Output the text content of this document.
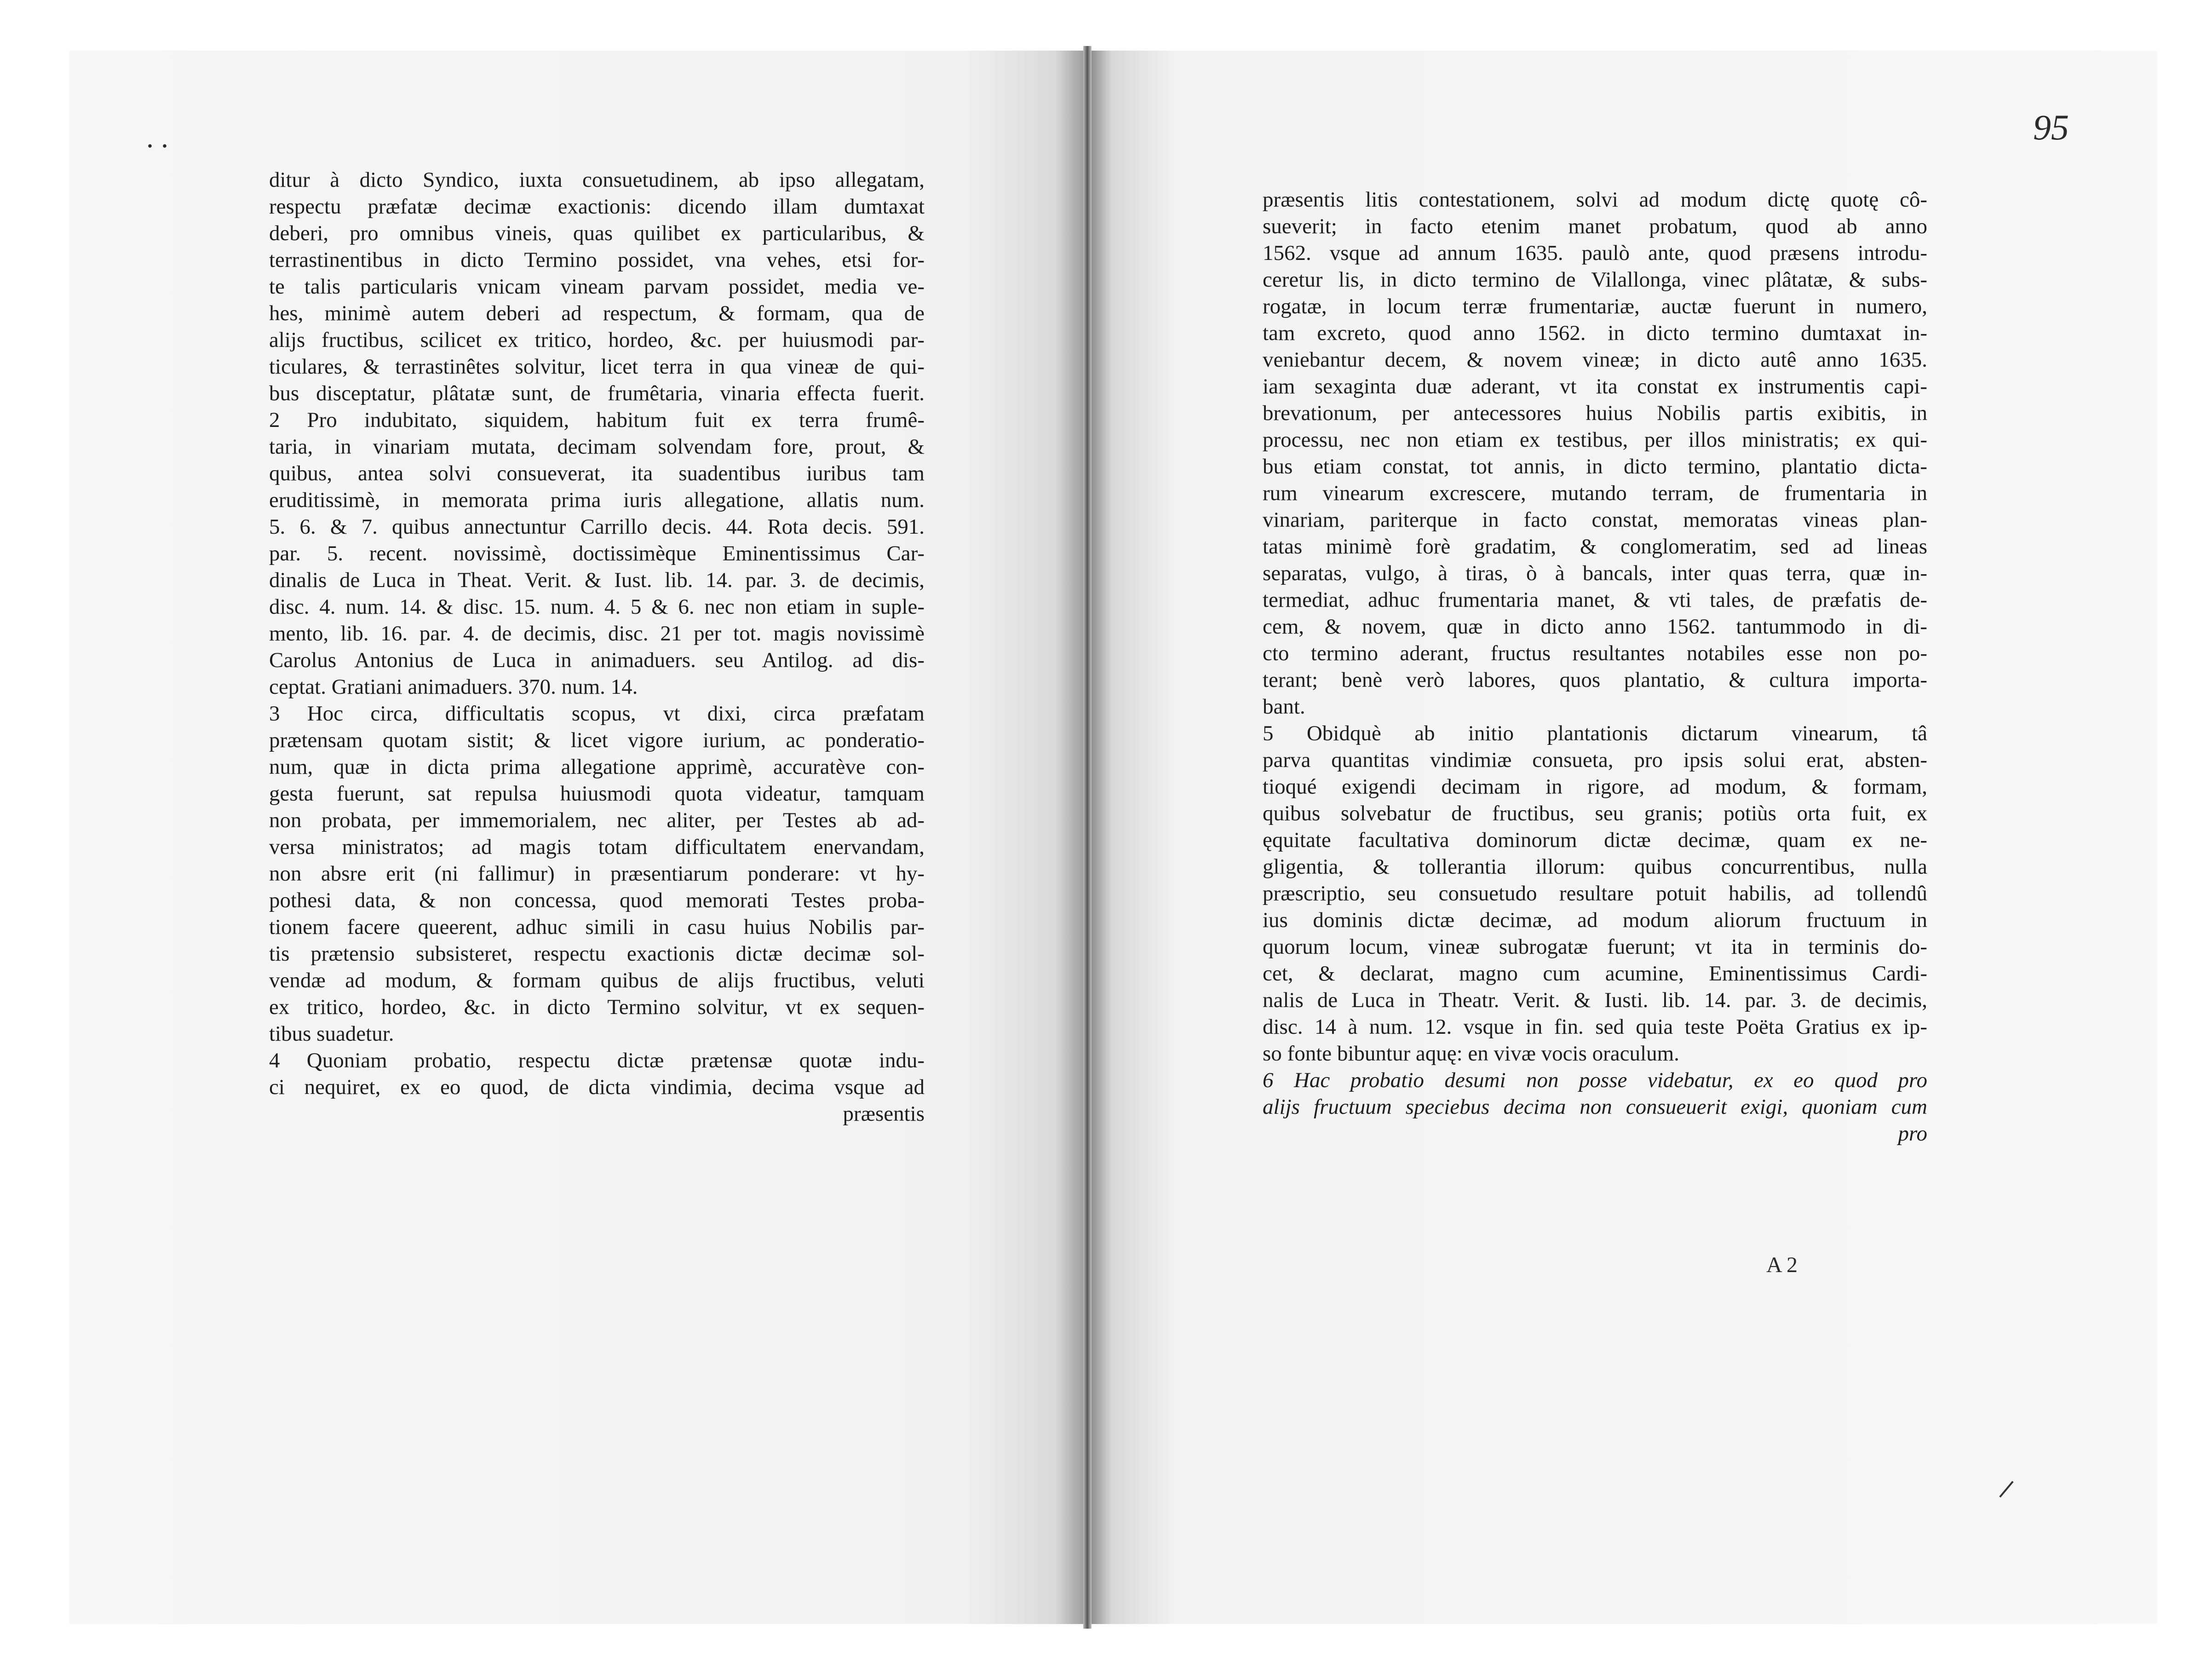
. .	95
A 2
ditur à dicto Syndico, iuxta consuetudinem, ab ipso allegatam,
respectu præfatæ decimæ exactionis: dicendo illam dumtaxat
deberi, pro omnibus vineis, quas quilibet ex particularibus, &
terrastinentibus in dicto Termino possidet, vna vehes, etsi for-
te talis particularis vnicam vineam parvam possidet, media ve-
hes, minimè autem deberi ad respectum, & formam, qua de
alijs fructibus, scilicet ex tritico, hordeo, &c. per huiusmodi par-
ticulares, & terrastinêtes solvitur, licet terra in qua vineæ de qui-
bus disceptatur, plâtatæ sunt, de frumêtaria, vinaria effecta fuerit.
2 Pro indubitato, siquidem, habitum fuit ex terra frumê-
taria, in vinariam mutata, decimam solvendam fore, prout, &
quibus, antea solvi consueverat, ita suadentibus iuribus tam
eruditissimè, in memorata prima iuris allegatione, allatis num.
5. 6. & 7. quibus annectuntur Carrillo decis. 44. Rota decis. 591.
par. 5. recent. novissimè, doctissimèque Eminentissimus Car-
dinalis de Luca in Theat. Verit. & Iust. lib. 14. par. 3. de decimis,
disc. 4. num. 14. & disc. 15. num. 4. 5 & 6. nec non etiam in suple-
mento, lib. 16. par. 4. de decimis, disc. 21 per tot. magis novissimè
Carolus Antonius de Luca in animaduers. seu Antilog. ad dis-
ceptat. Gratiani animaduers. 370. num. 14.
3 Hoc circa, difficultatis scopus, vt dixi, circa præfatam
prætensam quotam sistit; & licet vigore iurium, ac ponderatio-
num, quæ in dicta prima allegatione apprimè, accuratève con-
gesta fuerunt, sat repulsa huiusmodi quota videatur, tamquam
non probata, per immemorialem, nec aliter, per Testes ab ad-
versa ministratos; ad magis totam difficultatem enervandam,
non absre erit (ni fallimur) in præsentiarum ponderare: vt hy-
pothesi data, & non concessa, quod memorati Testes proba-
tionem facere queerent, adhuc simili in casu huius Nobilis par-
tis prætensio subsisteret, respectu exactionis dictæ decimæ sol-
vendæ ad modum, & formam quibus de alijs fructibus, veluti
ex tritico, hordeo, &c. in dicto Termino solvitur, vt ex sequen-
tibus suadetur.
4 Quoniam probatio, respectu dictæ prætensæ quotæ indu-
ci nequiret, ex eo quod, de dicta vindimia, decima vsque ad
præsentis
præsentis litis contestationem, solvi ad modum dictę quotę cô-
sueverit; in facto etenim manet probatum, quod ab anno
1562. vsque ad annum 1635. paulò ante, quod præsens introdu-
ceretur lis, in dicto termino de Vilallonga, vinec plâtatæ, & subs-
rogatæ, in locum terræ frumentariæ, auctæ fuerunt in numero,
tam excreto, quod anno 1562. in dicto termino dumtaxat in-
veniebantur decem, & novem vineæ; in dicto autê anno 1635.
iam sexaginta duæ aderant, vt ita constat ex instrumentis capi-
brevationum, per antecessores huius Nobilis partis exibitis, in
processu, nec non etiam ex testibus, per illos ministratis; ex qui-
bus etiam constat, tot annis, in dicto termino, plantatio dicta-
rum vinearum excrescere, mutando terram, de frumentaria in
vinariam, pariterque in facto constat, memoratas vineas plan-
tatas minimè forè gradatim, & conglomeratim, sed ad lineas
separatas, vulgo, à tiras, ò à bancals, inter quas terra, quæ in-
termediat, adhuc frumentaria manet, & vti tales, de præfatis de-
cem, & novem, quæ in dicto anno 1562. tantummodo in di-
cto termino aderant, fructus resultantes notabiles esse non po-
terant; benè verò labores, quos plantatio, & cultura importa-
bant.
5 Obidquè ab initio plantationis dictarum vinearum, tâ
parva quantitas vindimiæ consueta, pro ipsis solui erat, absten-
tioqué exigendi decimam in rigore, ad modum, & formam,
quibus solvebatur de fructibus, seu granis; potiùs orta fuit, ex
ęquitate facultativa dominorum dictæ decimæ, quam ex ne-
gligentia, & tollerantia illorum: quibus concurrentibus, nulla
præscriptio, seu consuetudo resultare potuit habilis, ad tollendû
ius dominis dictæ decimæ, ad modum aliorum fructuum in
quorum locum, vineæ subrogatæ fuerunt; vt ita in terminis do-
cet, & declarat, magno cum acumine, Eminentissimus Cardi-
nalis de Luca in Theatr. Verit. & Iusti. lib. 14. par. 3. de decimis,
disc. 14 à num. 12. vsque in fin. sed quia teste Poëta Gratius ex ip-
so fonte bibuntur aquę: en vivæ vocis oraculum.
6 Hac probatio desumi non posse videbatur, ex eo quod pro
alijs fructuum speciebus decima non consueuerit exigi, quoniam cum
pro
